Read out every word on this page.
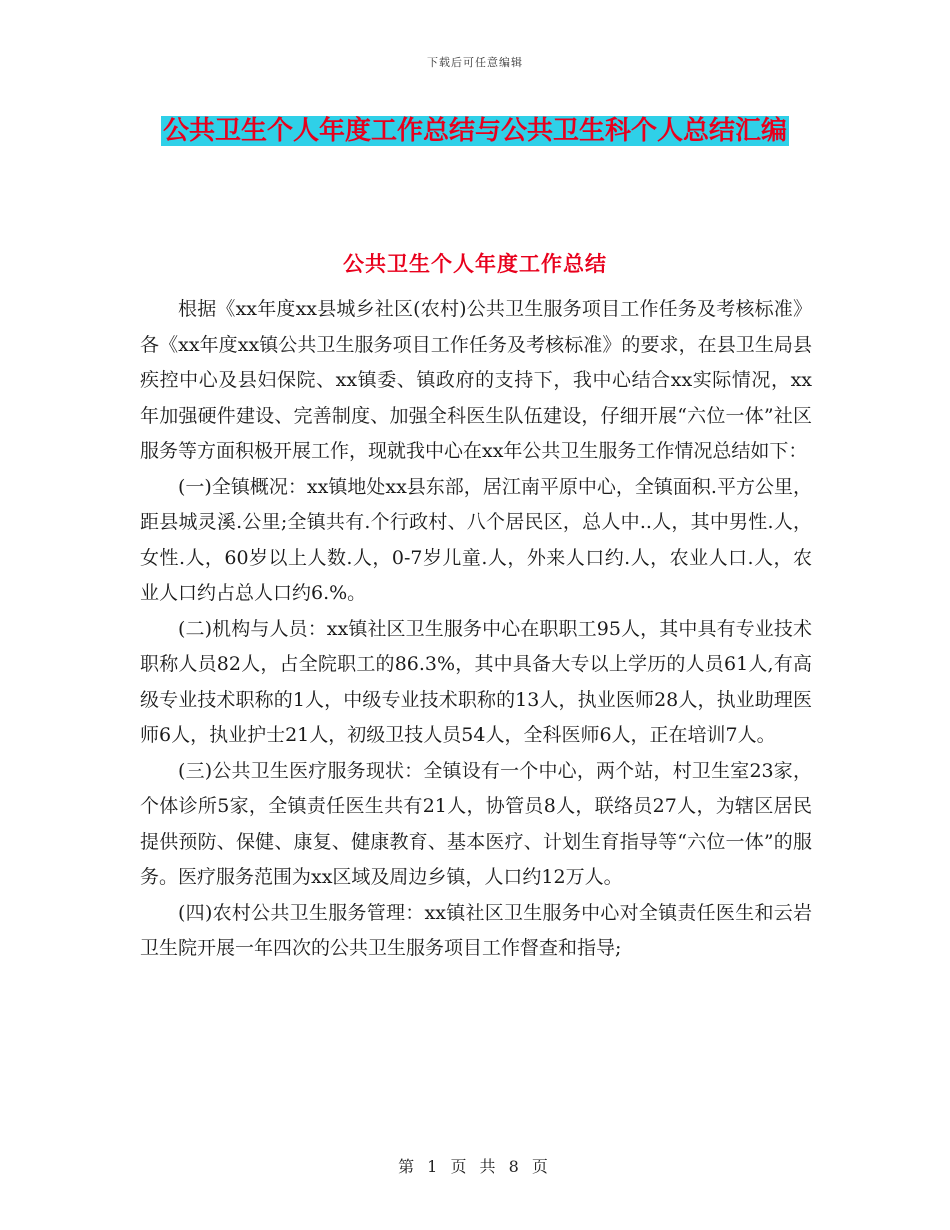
下载后可任意编辑
公共卫生个人年度工作总结与公共卫生科个人总结汇编
公共卫生个人年度工作总结

根据《xx年度xx县城乡社区(农村)公共卫生服务项目工作任务及考核标准》各《xx年度xx镇公共卫生服务项目工作任务及考核标准》的要求，在县卫生局县疾控中心及县妇保院、xx镇委、镇政府的支持下，我中心结合xx实际情况，xx年加强硬件建设、完善制度、加强全科医生队伍建设，仔细开展“六位一体”社区服务等方面积极开展工作，现就我中心在xx年公共卫生服务工作情况总结如下：

(一)全镇概况：xx镇地处xx县东部，居江南平原中心，全镇面积.平方公里，距县城灵溪.公里;全镇共有.个行政村、八个居民区，总人中..人，其中男性.人，女性.人，60岁以上人数.人，0-7岁儿童.人，外来人口约.人，农业人口.人，农业人口约占总人口约6.%。

(二)机构与人员：xx镇社区卫生服务中心在职职工95人，其中具有专业技术职称人员82人，占全院职工的86.3%，其中具备大专以上学历的人员61人,有高级专业技术职称的1人，中级专业技术职称的13人，执业医师28人，执业助理医师6人，执业护士21人，初级卫技人员54人，全科医师6人，正在培训7人。

(三)公共卫生医疗服务现状：全镇设有一个中心，两个站，村卫生室23家，个体诊所5家，全镇责任医生共有21人，协管员8人，联络员27人，为辖区居民提供预防、保健、康复、健康教育、基本医疗、计划生育指导等“六位一体”的服务。医疗服务范围为xx区域及周边乡镇，人口约12万人。

(四)农村公共卫生服务管理：xx镇社区卫生服务中心对全镇责任医生和云岩卫生院开展一年四次的公共卫生服务项目工作督查和指导;

第 1 页 共 8 页
